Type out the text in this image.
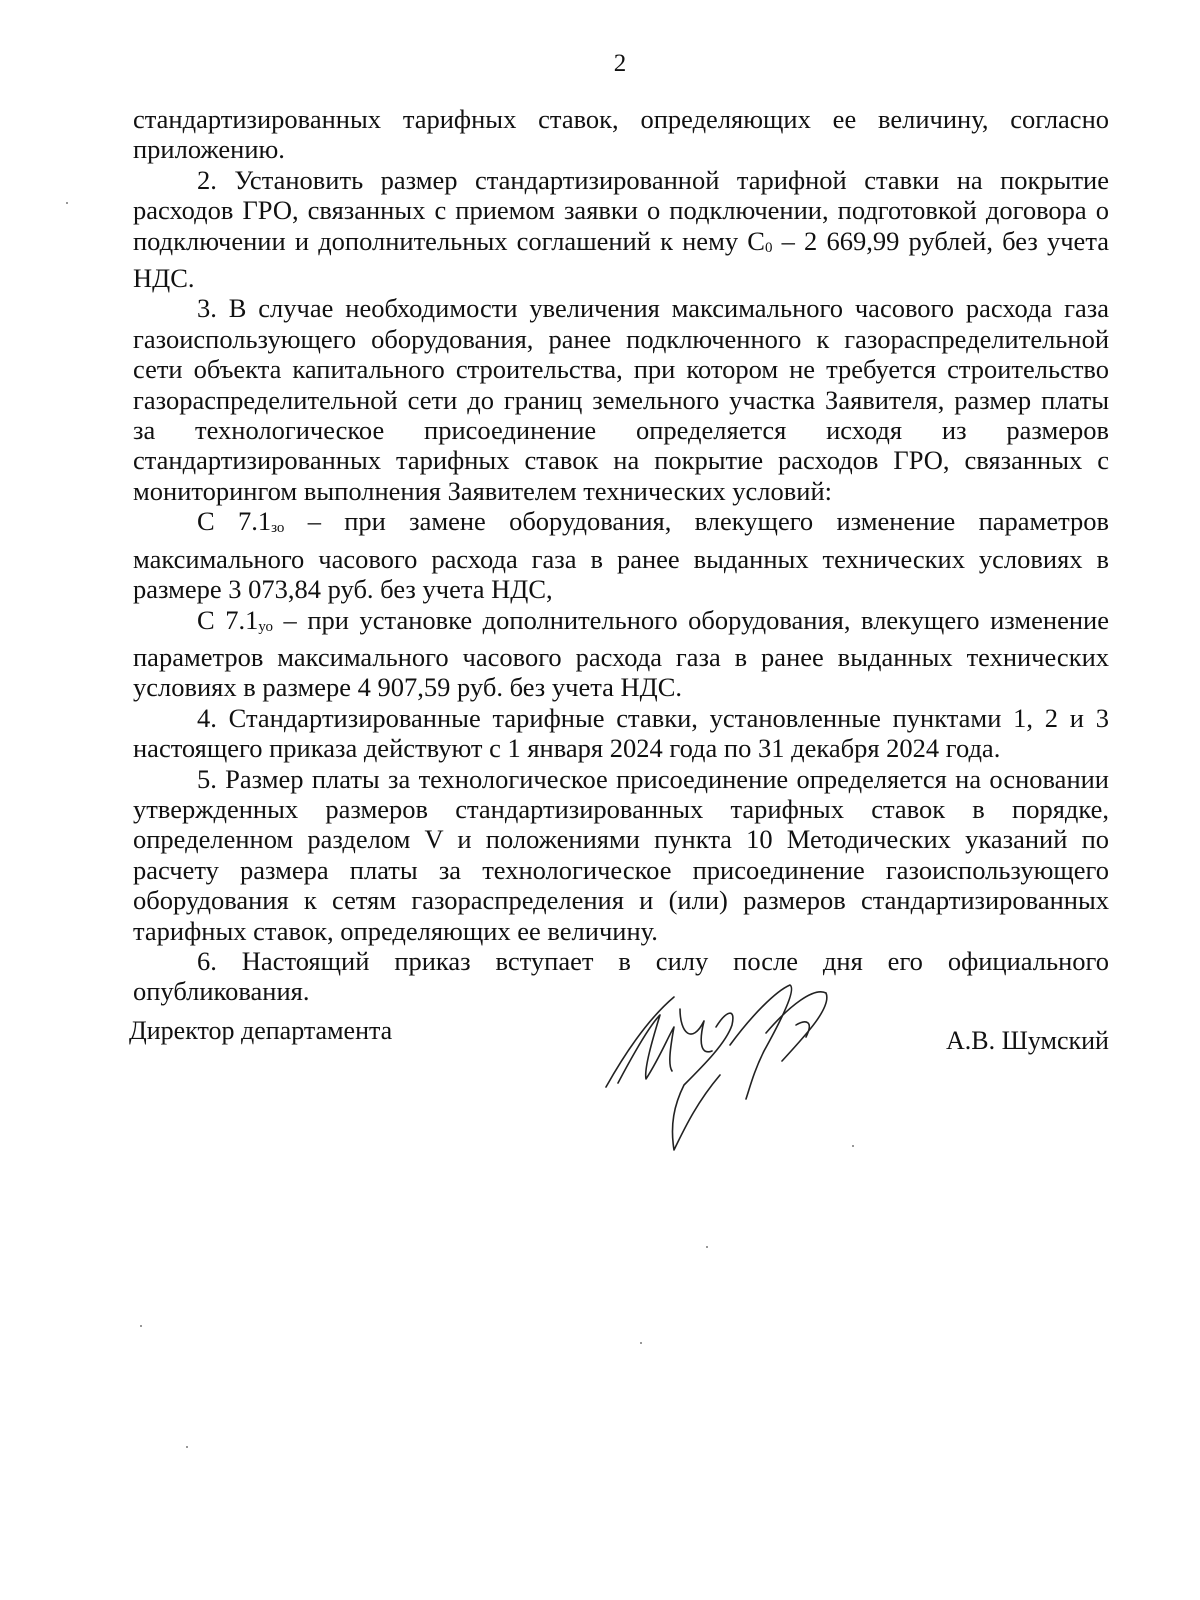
2

стандартизированных тарифных ставок, определяющих ее величину, согласно приложению.

2. Установить размер стандартизированной тарифной ставки на покрытие расходов ГРО, связанных с приемом заявки о подключении, подготовкой договора о подключении и дополнительных соглашений к нему С0 – 2 669,99 рублей, без учета НДС.

3. В случае необходимости увеличения максимального часового расхода газа газоиспользующего оборудования, ранее подключенного к газораспределительной сети объекта капитального строительства, при котором не требуется строительство газораспределительной сети до границ земельного участка Заявителя, размер платы за технологическое присоединение определяется исходя из размеров стандартизированных тарифных ставок на покрытие расходов ГРО, связанных с мониторингом выполнения Заявителем технических условий:

С 7.1зо – при замене оборудования, влекущего изменение параметров максимального часового расхода газа в ранее выданных технических условиях в размере 3 073,84 руб. без учета НДС,

С 7.1уо – при установке дополнительного оборудования, влекущего изменение параметров максимального часового расхода газа в ранее выданных технических условиях в размере 4 907,59 руб. без учета НДС.

4. Стандартизированные тарифные ставки, установленные пунктами 1, 2 и 3 настоящего приказа действуют с 1 января 2024 года по 31 декабря 2024 года.

5. Размер платы за технологическое присоединение определяется на основании утвержденных размеров стандартизированных тарифных ставок в порядке, определенном разделом V и положениями пункта 10 Методических указаний по расчету размера платы за технологическое присоединение газоиспользующего оборудования к сетям газораспределения и (или) размеров стандартизированных тарифных ставок, определяющих ее величину.

6. Настоящий приказ вступает в силу после дня его официального опубликования.

Директор департамента	А.В. Шумский
